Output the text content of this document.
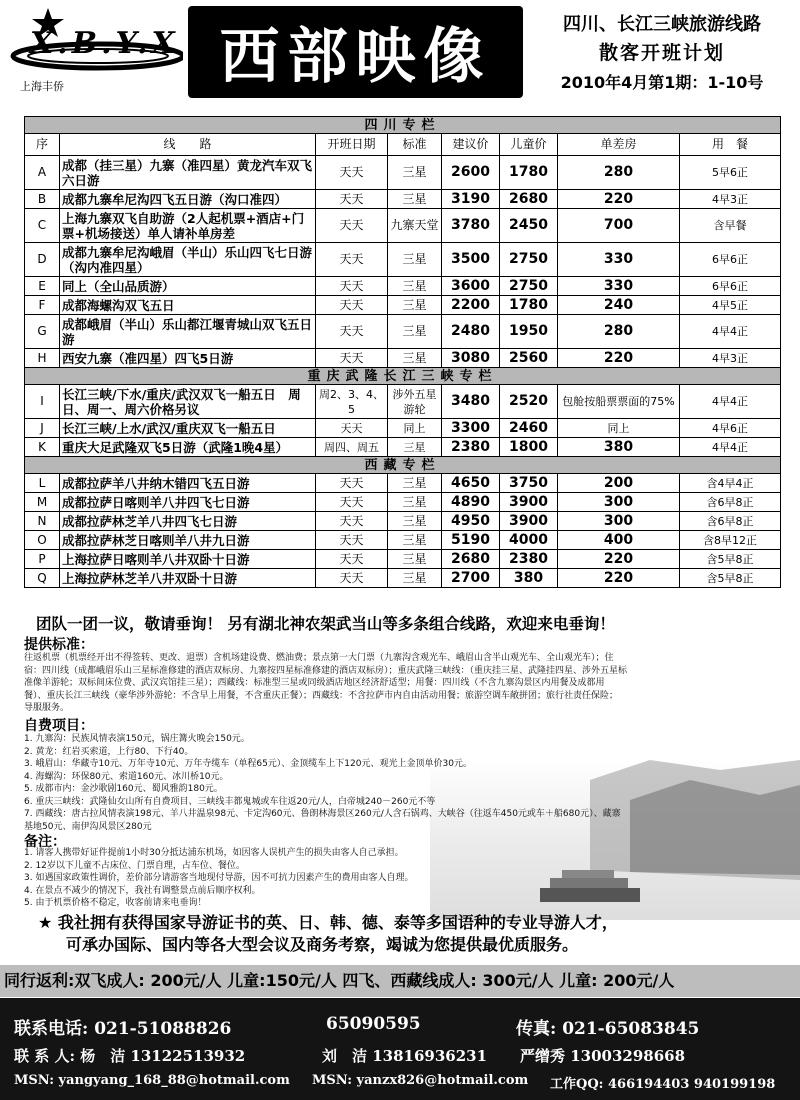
X.B.Y.X
上海丰侨	西部映像	四川、长江三峡旅游线路
散客开班计划
2010年4月第1期：1-10号
四川专栏							
序	线　　路	开班日期	标准	建议价	儿童价	单差房	用　餐
A	成都（挂三星）九寨（准四星）黄龙汽车双飞六日游	天天	三星	2600	1780	280	5早6正
B	成都九寨牟尼沟四飞五日游（沟口准四）	天天	三星	3190	2680	220	4早3正
C	上海九寨双飞自助游（2人起机票+酒店+门票+机场接送）单人请补单房差	天天	九寨天堂	3780	2450	700	含早餐
D	成都九寨牟尼沟峨眉（半山）乐山四飞七日游（沟内准四星）	天天	三星	3500	2750	330	6早6正
E	同上（全山品质游）	天天	三星	3600	2750	330	6早6正
F	成都海螺沟双飞五日	天天	三星	2200	1780	240	4早5正
G	成都峨眉（半山）乐山都江堰青城山双飞五日游	天天	三星	2480	1950	280	4早4正
H	西安九寨（准四星）四飞5日游	天天	三星	3080	2560	220	4早3正
重庆武隆长江三峡专栏							
I	长江三峡/下水/重庆/武汉双飞一船五日　周日、周一、周六价格另议	周2、3、4、5	涉外五星游轮	3480	2520	包舱按船票票面的75%	4早4正
J	长江三峡/上水/武汉/重庆双飞一船五日	天天	同上	3300	2460	同上	4早6正
K	重庆大足武隆双飞5日游（武隆1晚4星）	周四、周五	三星	2380	1800	380	4早4正
西藏专栏							
L	成都拉萨羊八井纳木错四飞五日游	天天	三星	4650	3750	200	含4早4正
M	成都拉萨日喀则羊八井四飞七日游	天天	三星	4890	3900	300	含6早8正
N	成都拉萨林芝羊八井四飞七日游	天天	三星	4950	3900	300	含6早8正
O	成都拉萨林芝日喀则羊八井九日游	天天	三星	5190	4000	400	含8早12正
P	上海拉萨日喀则羊八井双卧十日游	天天	三星	2680	2380	220	含5早8正
Q	上海拉萨林芝羊八井双卧十日游	天天	三星	2700	380	220	含5早8正
团队一团一议，敬请垂询！ 另有湖北神农架武当山等多条组合线路，欢迎来电垂询！
提供标准：
往返机票（机票经开出不得签转、更改、退票）含机场建设费、燃油费；景点第一大门票（九寨沟含观光车、峨眉山含半山观光车、全山观光车）；住
宿：四川线（成都峨眉乐山三星标准修建的酒店双标房、九寨按四星标准修建的酒店双标房）；重庆武隆三峡线：（重庆挂三星、武隆挂四星、涉外五星标
准像羊游轮；双标间床位费、武汉宾馆挂三星）；西藏线：标准型三星或同级酒店地区经济舒适型；用餐：四川线（不含九寨沟景区内用餐及成都用
餐）、重庆长江三峡线（豪华涉外游轮：不含早上用餐，不含重庆正餐）；西藏线：不含拉萨市内自由活动用餐；旅游空调车敞拼团；旅行社责任保险；
导服服务。
自费项目：
1. 九寨沟：民族风情表演150元，锅庄篝火晚会150元。
2. 黄龙：红岩买索道，上行80、下行40。
3. 峨眉山：华藏寺10元、万年寺10元、万年寺缆车（单程65元）、金顶缆车上下120元、观光上金顶单价30元。
4. 海螺沟：环保80元、索道160元、冰川桥10元。
5. 成都市内：金沙歌剧160元、蜀风雅韵180元。
6. 重庆三峡线：武隆仙女山所有自费项目、三峡线丰都鬼城或车往返20元/人，白帝城240－260元不等
7. 西藏线：唐古拉风情表演198元、羊八井温泉98元、卡定沟60元、鲁朗林海景区260元/人含石锅鸡、大峡谷（往返车450元或车＋船680元）、藏寨
基地50元、南伊沟风景区280元
备注：
1. 请客人携带好证件提前1小时30分抵达浦东机场，如因客人误机产生的损失由客人自己承担。
2. 12岁以下儿童不占床位、门票自理，占车位、餐位。
3. 如遇国家政策性调价，差价部分请游客当地现付导游，因不可抗力因素产生的费用由客人自理。
4. 在景点不减少的情况下，我社有调整景点前后顺序权利。
5. 由于机票价格不稳定，收客前请来电垂询！
★ 我社拥有获得国家导游证书的英、日、韩、德、泰等多国语种的专业导游人才，
可承办国际、国内等各大型会议及商务考察，竭诚为您提供最优质服务。
同行返利:双飞成人: 200元/人 儿童:150元/人 四飞、西藏线成人: 300元/人 儿童: 200元/人
联系电话: 021-51088826	65090595	传真: 021-65083845
联 系 人: 杨　洁 13122513932	刘　洁 13816936231 严缯秀 13003298668
MSN: yangyang_168_88@hotmail.com MSN: yanzx826@hotmail.com 工作QQ: 466194403 940199198
